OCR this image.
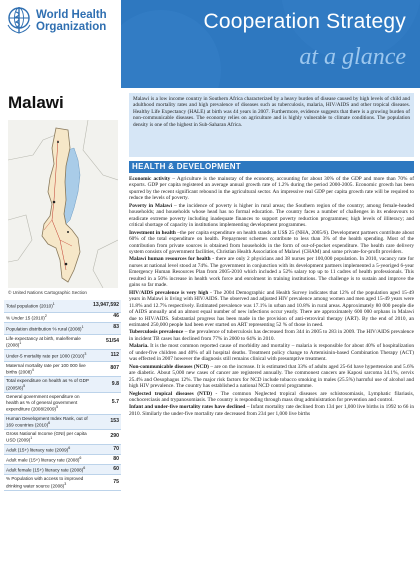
World Health
Organization	Cooperation Strategy
at a glance
Malawi
© United Nations Cartographic Section
Total population $(2010)^1$	13,947,592
% Under 15 $(2010)^2$	46
Population distribution % rural $(2008)^1$	83
Life expectancy at birth, male/female $(2008)^1$	51/54
Under-5 mortality rate per 1000 $(2010)^3$	112
Maternal mortality rate per 100 000 live births $(2008)^4$	807
Total expenditure on health as % of GDP $(2005/6)^5$	9.8
General government expenditure on health as % of general government expenditure $(2008/2009)^5$	5.7
Human Development Index Rank, out of 169 countries $(2010)^6$	153
Gross National Income (GNI) per capita USD $(2009)^1$	290
Adult (15+) literacy rate $(2009)^6$	70
Adult male (15+) literacy rate $(2008)^6$	80
Adult female (15+) literacy rate $(2008)^6$	60
% Population with access to improved drinking water source $(2008)^3$	75
Malawi is a low income country in Southern Africa characterized by a heavy burden of disease caused by high levels of child and adulthood mortality rates and high prevalence of diseases such as tuberculosis, malaria, HIV/AIDS and other tropical diseases. Healthy Life Expectancy (HALE) at birth was 44 years in 2007. Furthermore, evidence suggests that there is a growing burden of non-communicable diseases. The economy relies on agriculture and is highly vulnerable to climate conditions. The population density is one of the highest in Sub-Saharan Africa.
HEALTH & DEVELOPMENT

Economic activity – Agriculture is the mainstay of the economy, accounting for about 30% of the GDP and more than 70% of exports. GDP per capita registered an average annual growth rate of 1.2% during the period 2000-2005. Economic growth has been spurred by the recent significant rebound in the agricultural sector. An impressive real GDP per capita growth rate will be required to reduce the levels of poverty.

Poverty in Malawi – the incidence of poverty is higher in rural areas; the Southern region of the country; among female-headed households; and households whose head has no formal education. The country faces a number of challenges in its endeavours to eradicate extreme poverty including inadequate finances to support poverty reduction programmes; high levels of illiteracy; and critical shortage of capacity in institutions implementing development programmes.

Investment in health –the per capita expenditure on health stands at US$ 25 (NHA, 2005/6). Development partners contribute about 60% of the total expenditure on health. Prepayment schemes contribute to less than 3% of the health spending. Most of the contribution from private sources is obtained from households in the form of out-of-pocket expenditure. The health care delivery system consists of government facilities, Christian Health Association of Malawi (CHAM) and some private-for-profit providers.

Malawi human resources for health - there are only 2 physicians and 38 nurses per 100,000 population. In 2010, vacancy rate for nurses at national level stood at 74%. The government in conjunction with its development partners implemented a 5-yeoriged 6-year Emergency Human Resources Plan from 2005-2010 which included a 52% salary top up to 11 cadres of health professionals. This resulted in a 50% increase in health work force and enrolment in training institutions. The challenge is to sustain and improve the gains so far made.

HIV/AIDS prevalence is very high - The 2004 Demographic and Health Survey indicates that 12% of the population aged 15-49 years in Malawi is living with HIV/AIDS. The observed and adjusted HIV prevalence among women and men aged 15-49 years were 11.8% and 12.7% respectively. Estimated prevalence was 17.1% in urban and 10.8% in rural areas. Approximately 80 000 people die of AIDS annually and an almost equal number of new infections occur yearly. There are approximately 600 000 orphans in Malawi due to HIV/AIDS. Substantial progress has been made in the provision of anti-retroviral therapy (ART). By the end of 2010, an estimated 250,000 people had been ever started on ART representing 52 % of those in need.

Tuberculosis prevalence – the prevalence of tuberculosis has decreased from 344 in 2005 to 283 in 2009. The HIV/AIDS prevalence in incident TB cases has declined from 77% in 2000 to 64% in 2010.

Malaria. It is the most common reported cause of morbidity and mortality – malaria is responsible for about 40% of hospitalization of under-five children and 40% of all hospital deaths. Treatment policy change to Artemisinin-based Combination Therapy (ACT) was effected in 2007 however the diagnosis still remains clinical with presumptive treatment.

Non-communicable diseases (NCD) – are on the increase. It is estimated that 33% of adults aged 25-64 have hypertension and 5.6% are diabetic. About 5,000 new cases of cancer are registered annually. The commonest cancers are Kaposi sarcoma 34.1%, cervix 25.4% and Oesophagus 12%. The major risk factors for NCD include tobacco smoking in males (25.5%) harmful use of alcohol and high HIV prevalence. The country has established a national NCD control programme.

Neglected tropical diseases (NTD) - The common Neglected tropical diseases are schistosomiasis, Lymphatic filariasis, onchocerciasis and trypanosomiasis. The country is responding through mass drug administration for prevention and control.

Infant and under-five mortality rates have declined – Infant mortality rate declined from 134 per 1,000 live births in 1992 to 66 in 2010. Similarly the under-five mortality rate decreased from 234 per 1,000 live births
